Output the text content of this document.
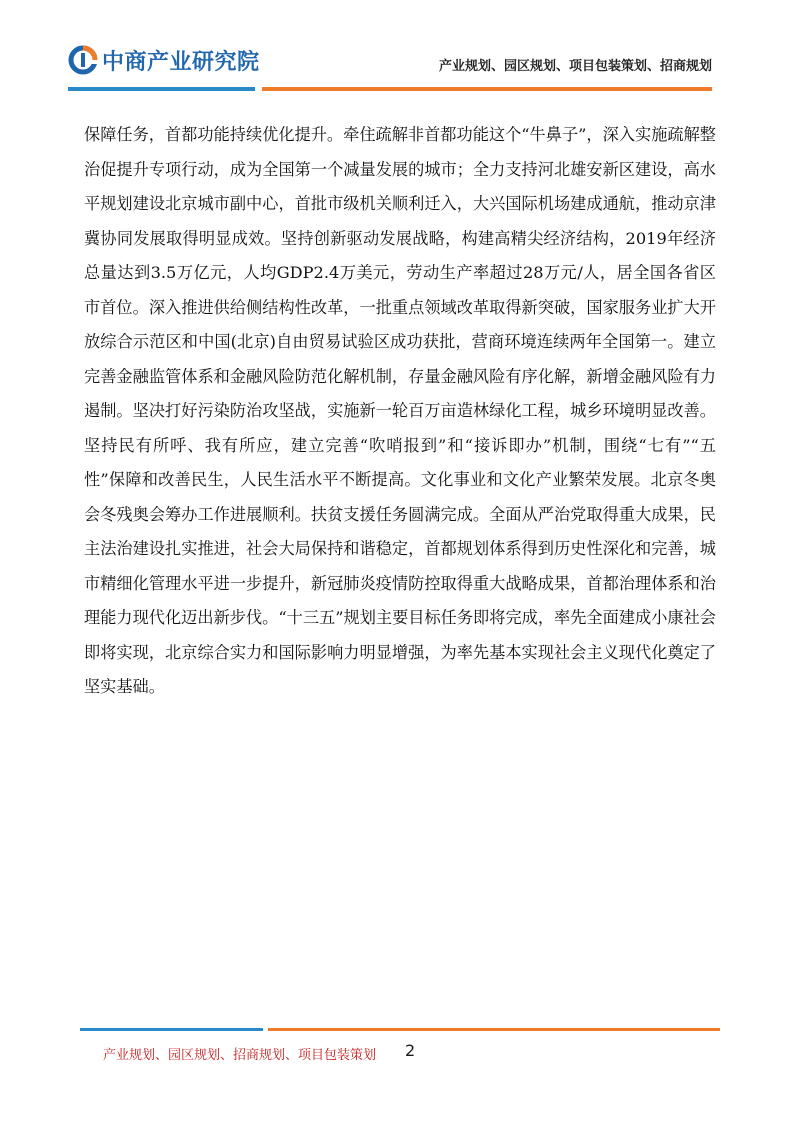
中商产业研究院	产业规划、园区规划、项目包装策划、招商规划

保障任务，首都功能持续优化提升。牵住疏解非首都功能这个“牛鼻子”，深入实施疏解整治促提升专项行动，成为全国第一个减量发展的城市；全力支持河北雄安新区建设，高水平规划建设北京城市副中心，首批市级机关顺利迁入，大兴国际机场建成通航，推动京津冀协同发展取得明显成效。坚持创新驱动发展战略，构建高精尖经济结构，2019年经济总量达到3.5万亿元，人均GDP2.4万美元，劳动生产率超过28万元/人，居全国各省区市首位。深入推进供给侧结构性改革，一批重点领域改革取得新突破，国家服务业扩大开放综合示范区和中国(北京)自由贸易试验区成功获批，营商环境连续两年全国第一。建立完善金融监管体系和金融风险防范化解机制，存量金融风险有序化解，新增金融风险有力遏制。坚决打好污染防治攻坚战，实施新一轮百万亩造林绿化工程，城乡环境明显改善。坚持民有所呼、我有所应，建立完善“吹哨报到”和“接诉即办”机制，围绕“七有”“五性”保障和改善民生，人民生活水平不断提高。文化事业和文化产业繁荣发展。北京冬奥会冬残奥会筹办工作进展顺利。扶贫支援任务圆满完成。全面从严治党取得重大成果，民主法治建设扎实推进，社会大局保持和谐稳定，首都规划体系得到历史性深化和完善，城市精细化管理水平进一步提升，新冠肺炎疫情防控取得重大战略成果，首都治理体系和治理能力现代化迈出新步伐。“十三五”规划主要目标任务即将完成，率先全面建成小康社会即将实现，北京综合实力和国际影响力明显增强，为率先基本实现社会主义现代化奠定了坚实基础。

产业规划、园区规划、招商规划、项目包装策划 2
